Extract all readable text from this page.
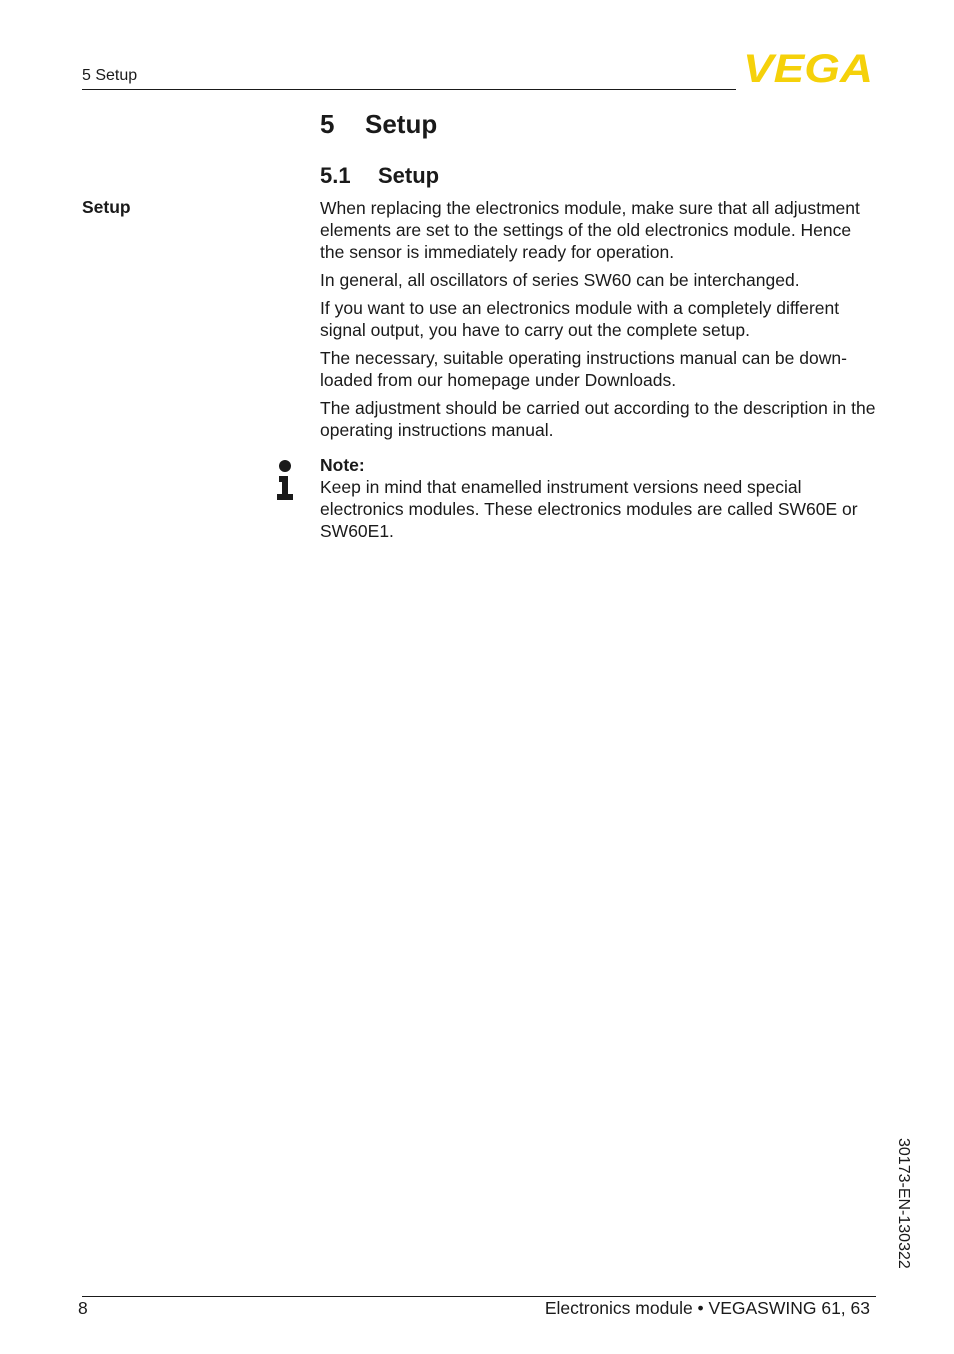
5 Setup	VEGA
5 Setup
5.1 Setup
Setup	When replacing the electronics module, make sure that all adjustment elements are set to the settings of the old electronics module. Hence the sensor is immediately ready for operation.

In general, all oscillators of series SW60 can be interchanged.

If you want to use an electronics module with a completely different signal output, you have to carry out the complete setup.

The necessary, suitable operating instructions manual can be down- loaded from our homepage under Downloads.

The adjustment should be carried out according to the description in the operating instructions manual.

Note:
Keep in mind that enamelled instrument versions need special electronics modules. These electronics modules are called SW60E or SW60E1.
30173-EN-130322
8	Electronics module • VEGASWING 61, 63
